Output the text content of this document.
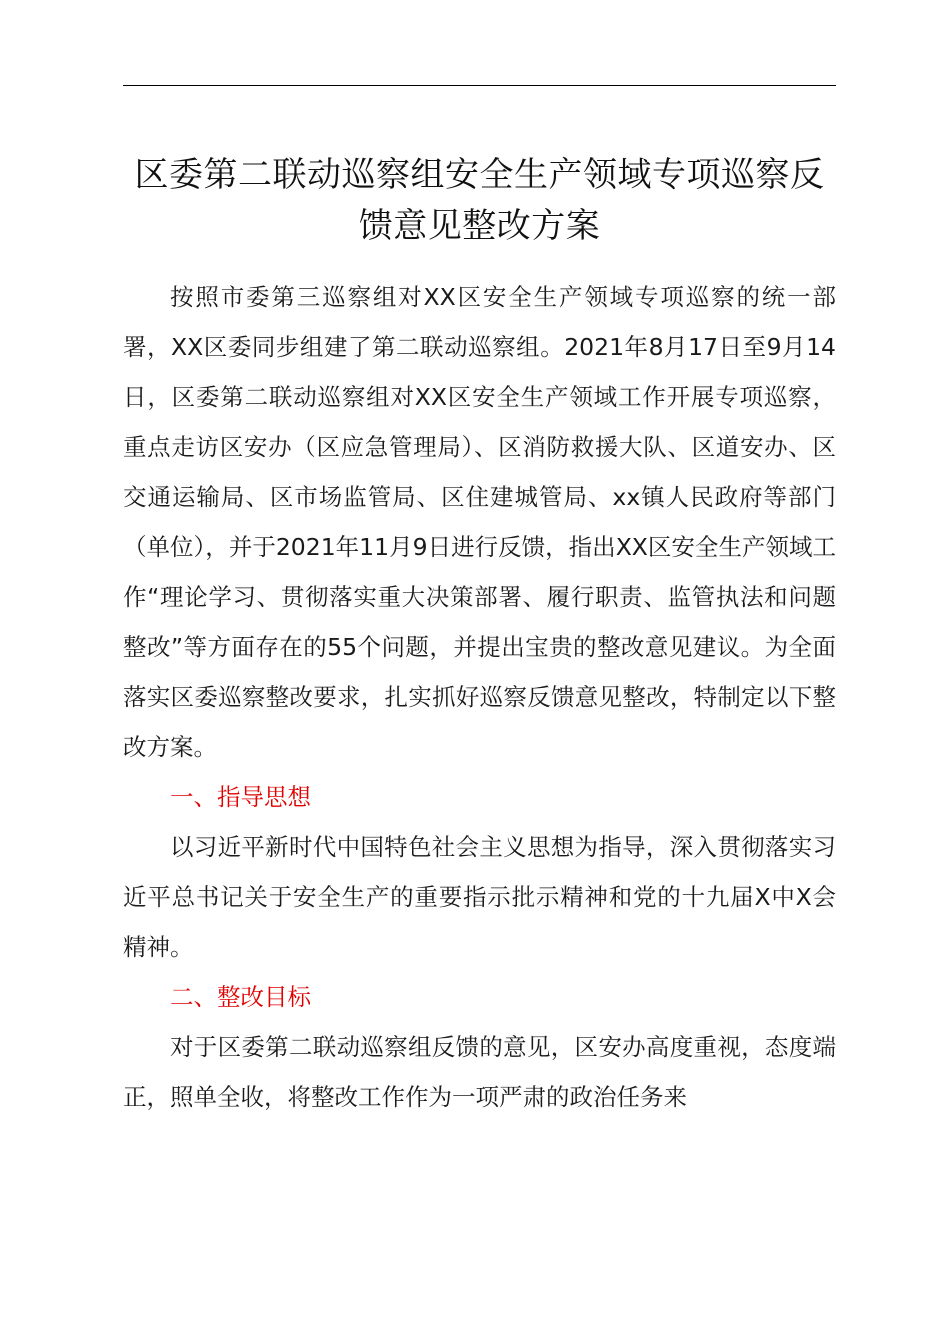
区委第二联动巡察组安全生产领域专项巡察反馈意见整改方案

按照市委第三巡察组对XX区安全生产领域专项巡察的统一部署，XX区委同步组建了第二联动巡察组。2021年8月17日至9月14日，区委第二联动巡察组对XX区安全生产领域工作开展专项巡察，重点走访区安办（区应急管理局）、区消防救援大队、区道安办、区交通运输局、区市场监管局、区住建城管局、xx镇人民政府等部门（单位），并于2021年11月9日进行反馈，指出XX区安全生产领域工作“理论学习、贯彻落实重大决策部署、履行职责、监管执法和问题整改”等方面存在的55个问题，并提出宝贵的整改意见建议。为全面落实区委巡察整改要求，扎实抓好巡察反馈意见整改，特制定以下整改方案。

一、指导思想

以习近平新时代中国特色社会主义思想为指导，深入贯彻落实习近平总书记关于安全生产的重要指示批示精神和党的十九届X中X会精神。

二、整改目标

对于区委第二联动巡察组反馈的意见，区安办高度重视，态度端正，照单全收，将整改工作作为一项严肃的政治任务来
